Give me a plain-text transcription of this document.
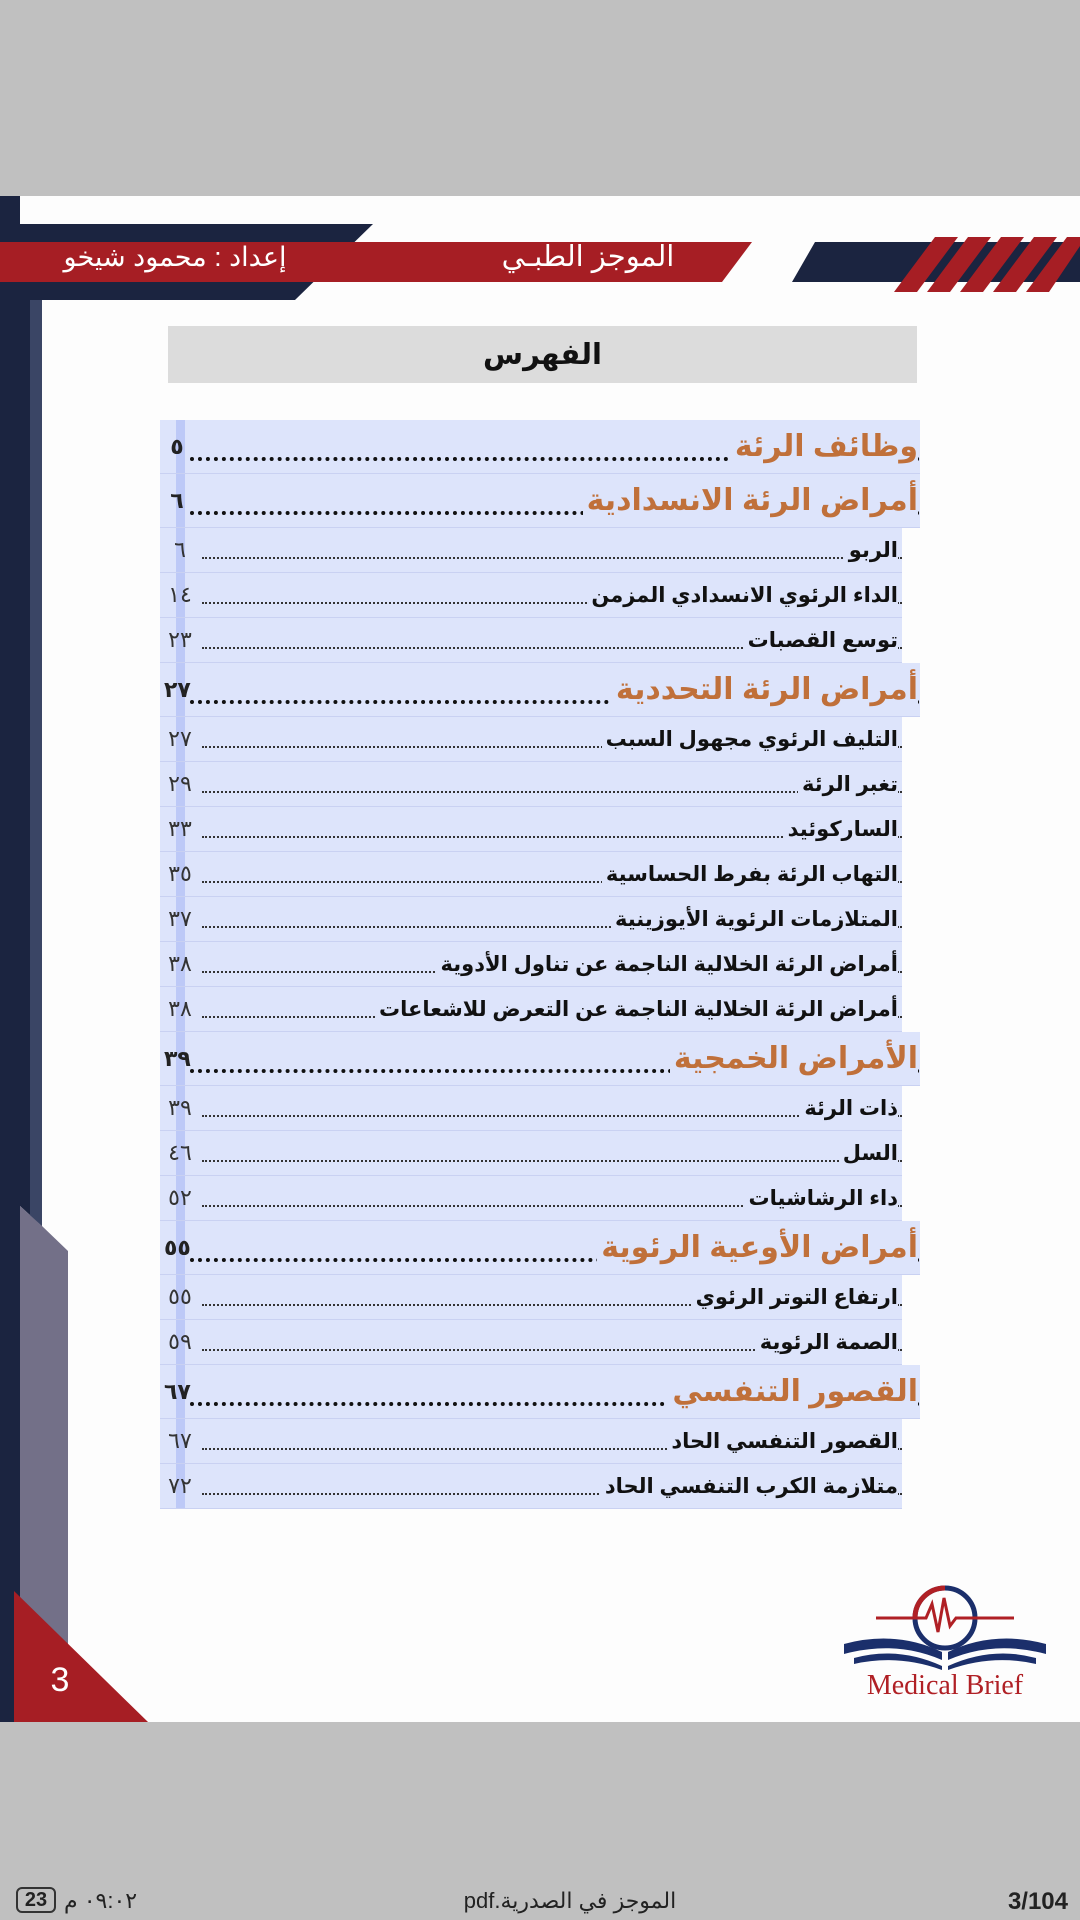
الموجز الطبـي
إعداد : محمود شيخو
الفهرس
٥	وظائف الرئة
٦	أمراض الرئة الانسدادية
٦	الربو
١٤	الداء الرئوي الانسدادي المزمن
٢٣	توسع القصبات
٢٧	أمراض الرئة التحددية
٢٧	التليف الرئوي مجهول السبب
٢٩	تغبر الرئة
٣٣	الساركوئيد
٣٥	التهاب الرئة بفرط الحساسية
٣٧	المتلازمات الرئوية الأيوزينية
٣٨	أمراض الرئة الخلالية الناجمة عن تناول الأدوية
٣٨	أمراض الرئة الخلالية الناجمة عن التعرض للاشعاعات
٣٩	الأمراض الخمجية
٣٩	ذات الرئة
٤٦	السل
٥٢	داء الرشاشيات
٥٥	أمراض الأوعية الرئوية
٥٥	ارتفاع التوتر الرئوي
٥٩	الصمة الرئوية
٦٧	القصور التنفسي
٦٧	القصور التنفسي الحاد
٧٢	متلازمة الكرب التنفسي الحاد
3	Medical Brief
3/104
الموجز في الصدرية.pdf
23 ٠٩:٠٢ م
